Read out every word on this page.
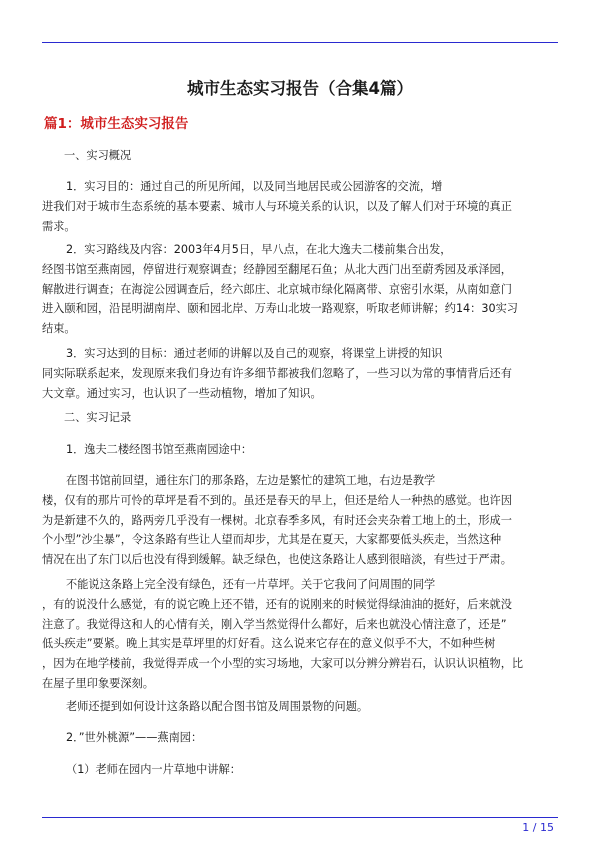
城市生态实习报告（合集4篇）
篇1：城市生态实习报告
一、实习概况
1．实习目的：通过自己的所见所闻，以及同当地居民或公园游客的交流，增
进我们对于城市生态系统的基本要素、城市人与环境关系的认识，以及了解人们对于环境的真正
需求。
2．实习路线及内容：2003年4月5日，早八点，在北大逸夫二楼前集合出发，
经图书馆至燕南园，停留进行观察调查；经静园至翻尾石鱼；从北大西门出至蔚秀园及承泽园，
解散进行调查；在海淀公园调查后，经六郎庄、北京城市绿化隔离带、京密引水渠，从南如意门
进入颐和园，沿昆明湖南岸、颐和园北岸、万寿山北坡一路观察，听取老师讲解；约14：30实习
结束。
3．实习达到的目标：通过老师的讲解以及自己的观察，将课堂上讲授的知识
同实际联系起来，发现原来我们身边有许多细节都被我们忽略了，一些习以为常的事情背后还有
大文章。通过实习，也认识了一些动植物，增加了知识。
二、实习记录
1．逸夫二楼经图书馆至燕南园途中：
在图书馆前回望，通往东门的那条路，左边是繁忙的建筑工地，右边是教学
楼，仅有的那片可怜的草坪是看不到的。虽还是春天的早上，但还是给人一种热的感觉。也许因
为是新建不久的，路两旁几乎没有一棵树。北京春季多风，有时还会夹杂着工地上的土，形成一
个小型”沙尘暴”，令这条路有些让人望而却步，尤其是在夏天，大家都要低头疾走，当然这种
情况在出了东门以后也没有得到缓解。缺乏绿色，也使这条路让人感到很暗淡，有些过于严肃。
不能说这条路上完全没有绿色，还有一片草坪。关于它我问了问周围的同学
，有的说没什么感觉，有的说它晚上还不错，还有的说刚来的时候觉得绿油油的挺好，后来就没
注意了。我觉得这和人的心情有关，刚入学当然觉得什么都好，后来也就没心情注意了，还是”
低头疾走”要紧。晚上其实是草坪里的灯好看。这么说来它存在的意义似乎不大，不如种些树
，因为在地学楼前，我觉得弄成一个小型的实习场地，大家可以分辨分辨岩石，认识认识植物，比
在屋子里印象要深刻。
老师还提到如何设计这条路以配合图书馆及周围景物的问题。
2．”世外桃源”——燕南园：
（1）老师在园内一片草地中讲解：
1 / 15
